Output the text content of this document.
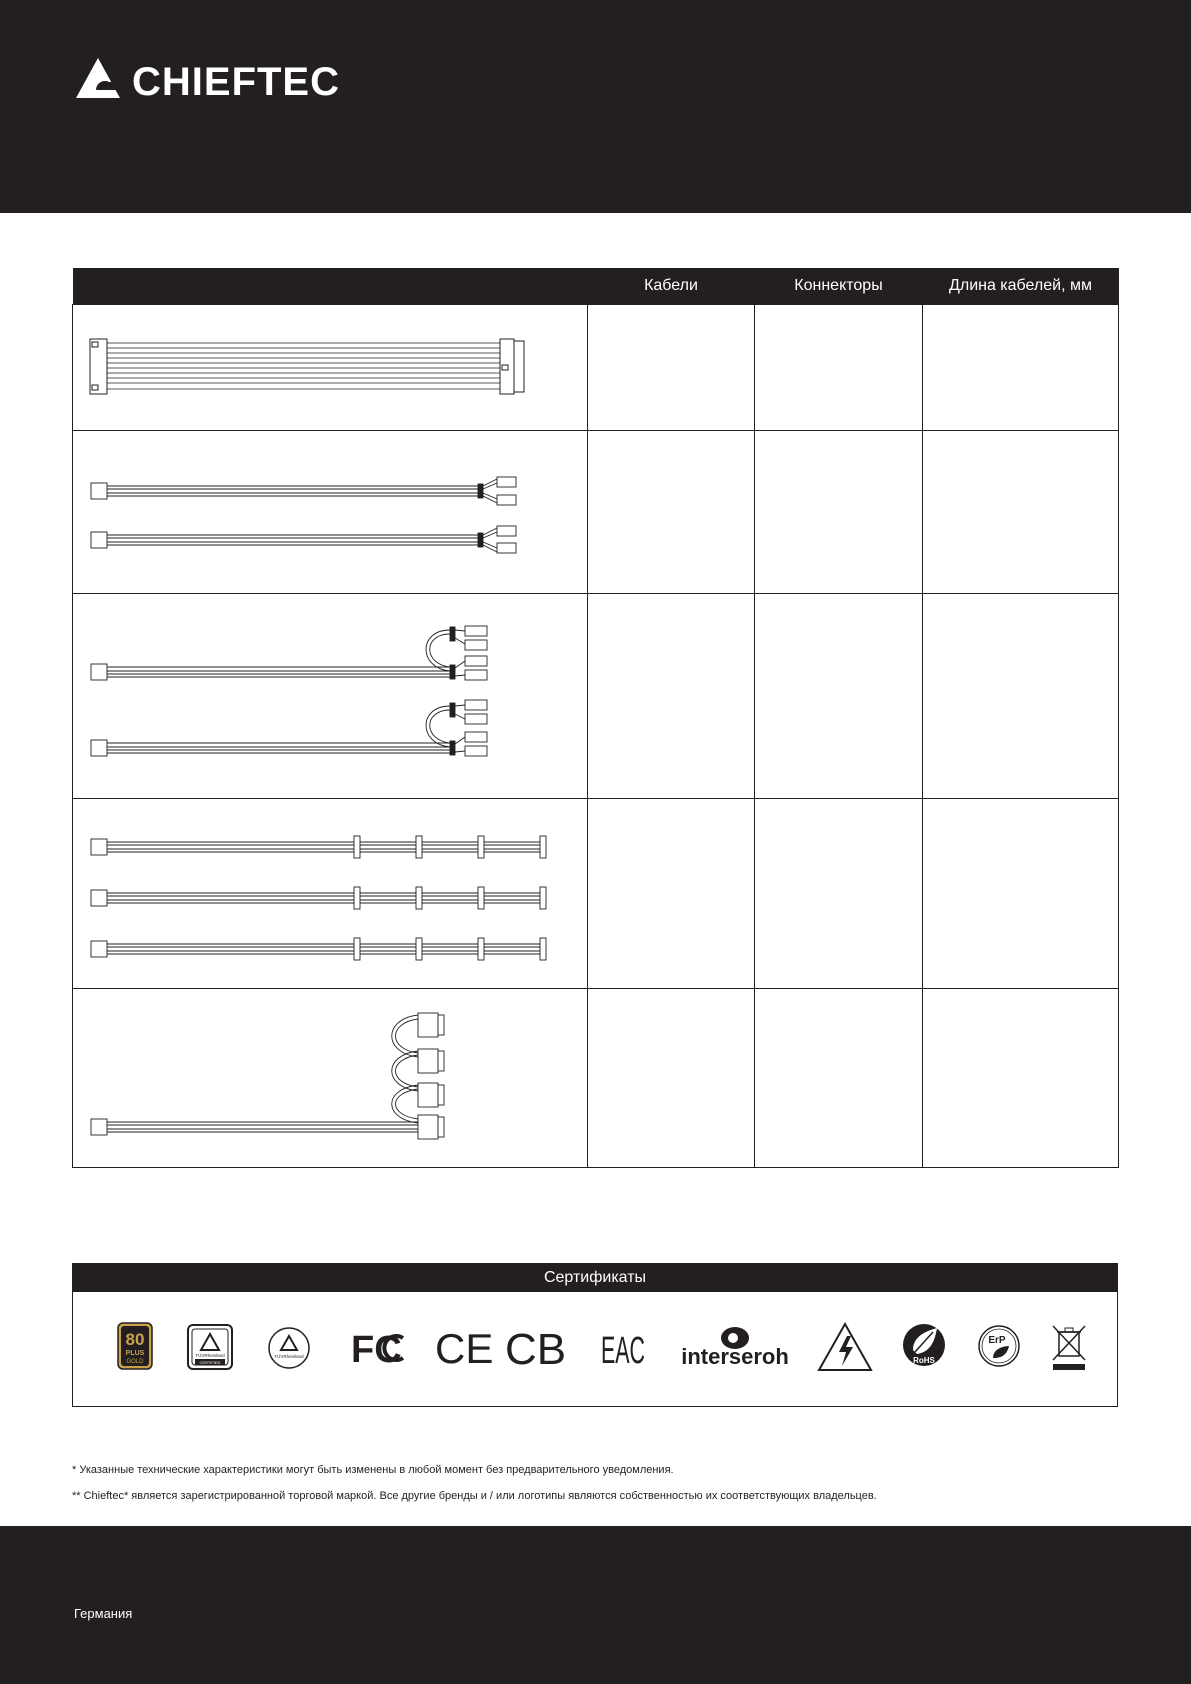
CHIEFTEC
	Кабели	Коннекторы	Длина кабелей, мм

Сертификаты
80
PLUS
GOLD
TÜVRheinland
CERTIFIED
TÜVRheinland FC CE CB EAC interseroh	RoHS
ErP
* Указанные технические характеристики могут быть изменены в любой момент без предварительного уведомления.
** Chieftec* является зарегистрированной торговой маркой. Все другие бренды и / или логотипы являются собственностью их соответствующих владельцев.
Германия
